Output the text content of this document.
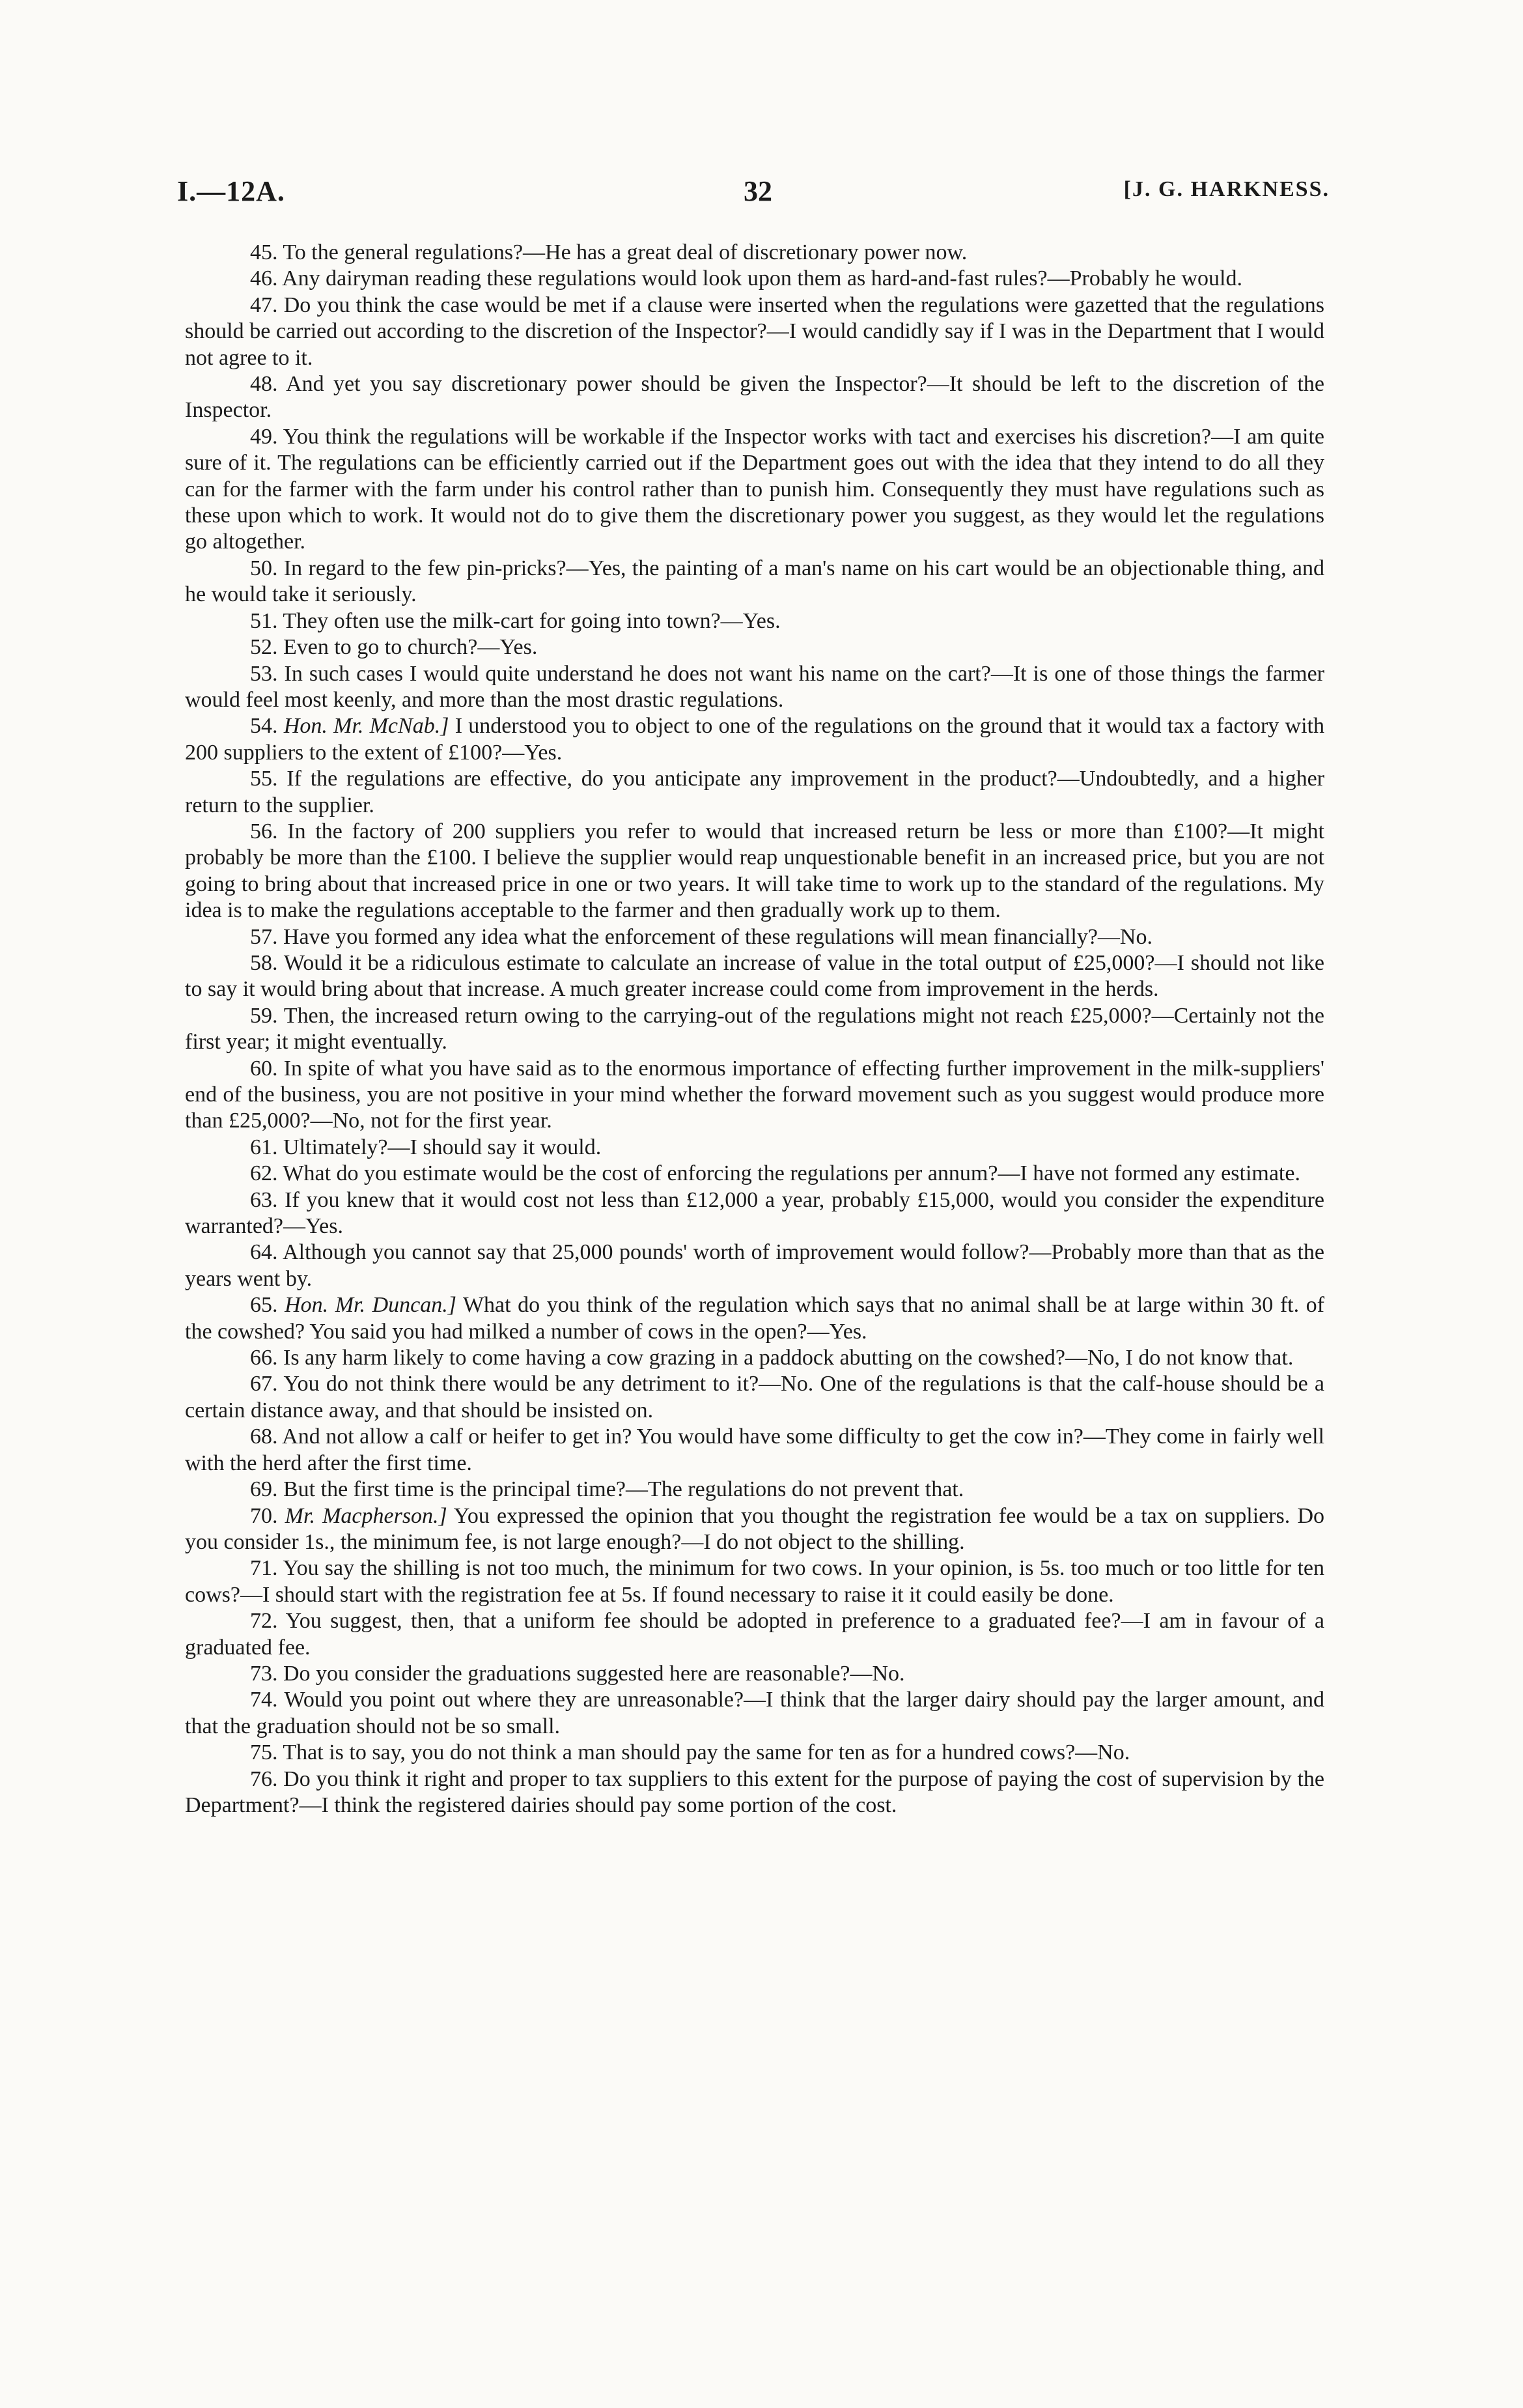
I.—12A.	32	[J. G. HARKNESS.

45. To the general regulations?—He has a great deal of discretionary power now.

46. Any dairyman reading these regulations would look upon them as hard-and-fast rules?—Probably he would.

47. Do you think the case would be met if a clause were inserted when the regulations were gazetted that the regulations should be carried out according to the discretion of the Inspector?—I would candidly say if I was in the Department that I would not agree to it.

48. And yet you say discretionary power should be given the Inspector?—It should be left to the discretion of the Inspector.

49. You think the regulations will be workable if the Inspector works with tact and exercises his discretion?—I am quite sure of it. The regulations can be efficiently carried out if the Department goes out with the idea that they intend to do all they can for the farmer with the farm under his control rather than to punish him. Consequently they must have regulations such as these upon which to work. It would not do to give them the discretionary power you suggest, as they would let the regulations go altogether.

50. In regard to the few pin-pricks?—Yes, the painting of a man's name on his cart would be an objectionable thing, and he would take it seriously.

51. They often use the milk-cart for going into town?—Yes.

52. Even to go to church?—Yes.

53. In such cases I would quite understand he does not want his name on the cart?—It is one of those things the farmer would feel most keenly, and more than the most drastic regulations.

54. Hon. Mr. McNab.] I understood you to object to one of the regulations on the ground that it would tax a factory with 200 suppliers to the extent of £100?—Yes.

55. If the regulations are effective, do you anticipate any improvement in the product?—Undoubtedly, and a higher return to the supplier.

56. In the factory of 200 suppliers you refer to would that increased return be less or more than £100?—It might probably be more than the £100. I believe the supplier would reap unquestionable benefit in an increased price, but you are not going to bring about that increased price in one or two years. It will take time to work up to the standard of the regulations. My idea is to make the regulations acceptable to the farmer and then gradually work up to them.

57. Have you formed any idea what the enforcement of these regulations will mean financially?—No.

58. Would it be a ridiculous estimate to calculate an increase of value in the total output of £25,000?—I should not like to say it would bring about that increase. A much greater increase could come from improvement in the herds.

59. Then, the increased return owing to the carrying-out of the regulations might not reach £25,000?—Certainly not the first year; it might eventually.

60. In spite of what you have said as to the enormous importance of effecting further improvement in the milk-suppliers' end of the business, you are not positive in your mind whether the forward movement such as you suggest would produce more than £25,000?—No, not for the first year.

61. Ultimately?—I should say it would.

62. What do you estimate would be the cost of enforcing the regulations per annum?—I have not formed any estimate.

63. If you knew that it would cost not less than £12,000 a year, probably £15,000, would you consider the expenditure warranted?—Yes.

64. Although you cannot say that 25,000 pounds' worth of improvement would follow?—Probably more than that as the years went by.

65. Hon. Mr. Duncan.] What do you think of the regulation which says that no animal shall be at large within 30 ft. of the cowshed? You said you had milked a number of cows in the open?—Yes.

66. Is any harm likely to come having a cow grazing in a paddock abutting on the cowshed?—No, I do not know that.

67. You do not think there would be any detriment to it?—No. One of the regulations is that the calf-house should be a certain distance away, and that should be insisted on.

68. And not allow a calf or heifer to get in? You would have some difficulty to get the cow in?—They come in fairly well with the herd after the first time.

69. But the first time is the principal time?—The regulations do not prevent that.

70. Mr. Macpherson.] You expressed the opinion that you thought the registration fee would be a tax on suppliers. Do you consider 1s., the minimum fee, is not large enough?—I do not object to the shilling.

71. You say the shilling is not too much, the minimum for two cows. In your opinion, is 5s. too much or too little for ten cows?—I should start with the registration fee at 5s. If found necessary to raise it it could easily be done.

72. You suggest, then, that a uniform fee should be adopted in preference to a graduated fee?—I am in favour of a graduated fee.

73. Do you consider the graduations suggested here are reasonable?—No.

74. Would you point out where they are unreasonable?—I think that the larger dairy should pay the larger amount, and that the graduation should not be so small.

75. That is to say, you do not think a man should pay the same for ten as for a hundred cows?—No.

76. Do you think it right and proper to tax suppliers to this extent for the purpose of paying the cost of supervision by the Department?—I think the registered dairies should pay some portion of the cost.
